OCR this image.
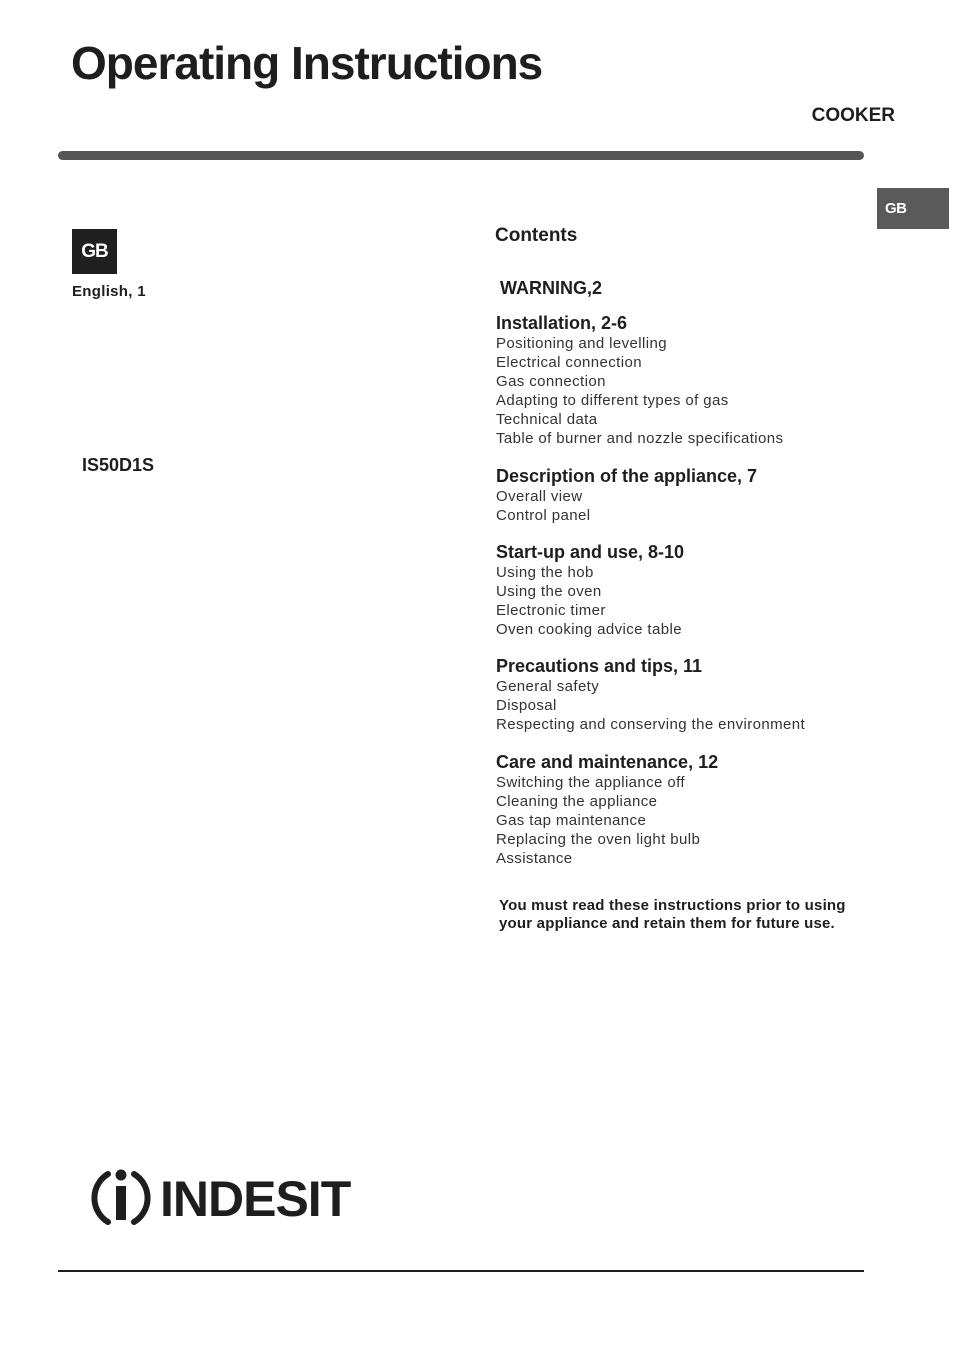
Operating Instructions
COOKER
GB
GB
English, 1
IS50D1S
Contents
WARNING,2
Installation, 2-6
Positioning and levelling
Electrical connection
Gas connection
Adapting to different types of gas
Technical data
Table of burner and nozzle specifications
Description of the appliance, 7
Overall view
Control panel
Start-up and use, 8-10
Using the hob
Using the oven
Electronic timer
Oven cooking advice table
Precautions and tips, 11
General safety
Disposal
Respecting and conserving the environment
Care and maintenance, 12
Switching the appliance off
Cleaning the appliance
Gas tap maintenance
Replacing the oven light bulb
Assistance
You must read these instructions prior to using your appliance and retain them for future use.
INDESIT
